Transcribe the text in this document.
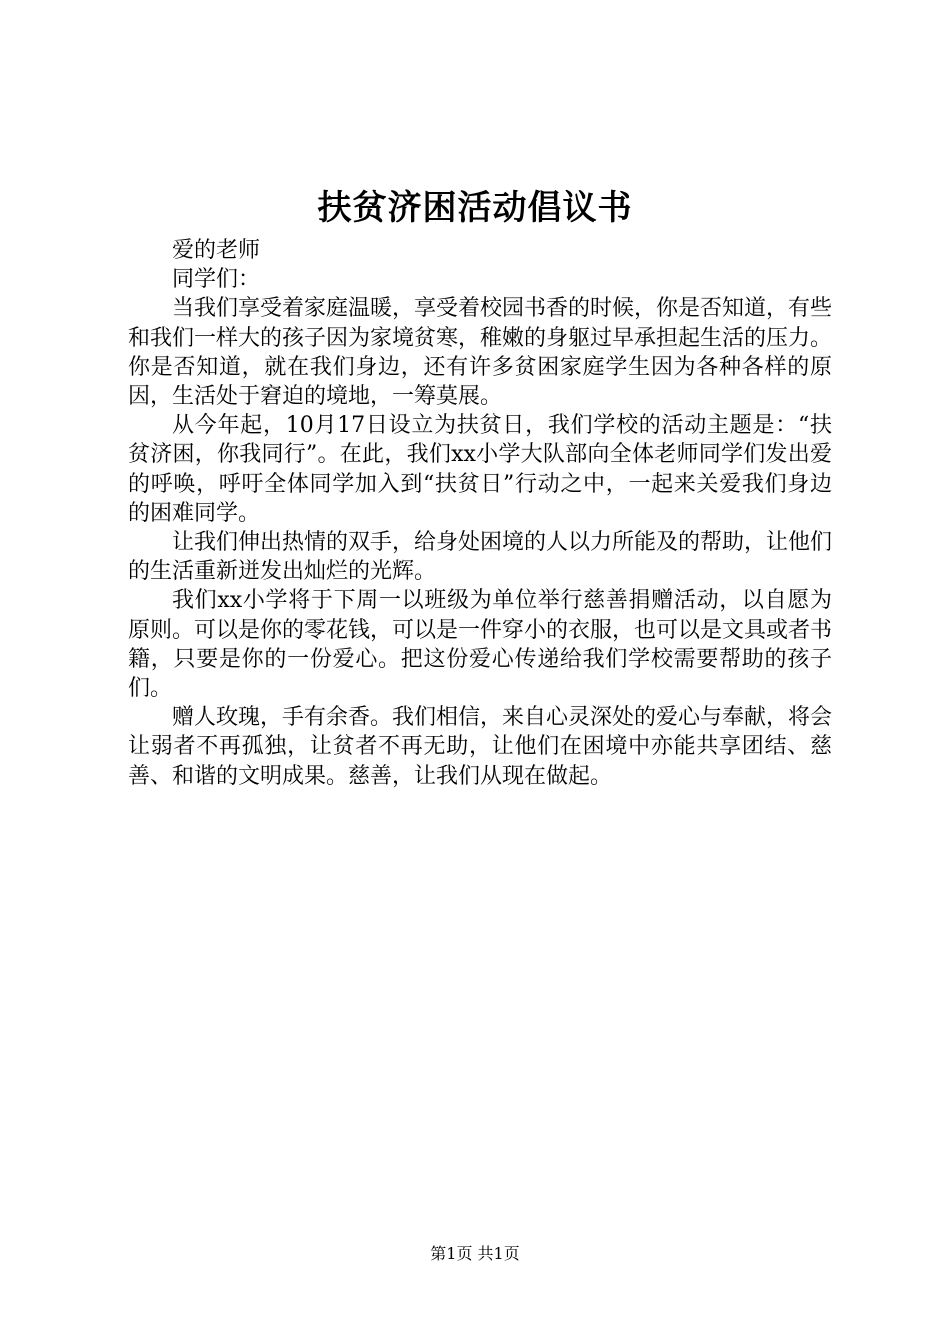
扶贫济困活动倡议书

爱的老师

同学们：

当我们享受着家庭温暖，享受着校园书香的时候，你是否知道，有些和我们一样大的孩子因为家境贫寒，稚嫩的身躯过早承担起生活的压力。你是否知道，就在我们身边，还有许多贫困家庭学生因为各种各样的原因，生活处于窘迫的境地，一筹莫展。

从今年起，10月17日设立为扶贫日，我们学校的活动主题是：“扶贫济困，你我同行”。在此，我们xx小学大队部向全体老师同学们发出爱的呼唤，呼吁全体同学加入到“扶贫日”行动之中，一起来关爱我们身边的困难同学。

让我们伸出热情的双手，给身处困境的人以力所能及的帮助，让他们的生活重新迸发出灿烂的光辉。

我们xx小学将于下周一以班级为单位举行慈善捐赠活动，以自愿为原则。可以是你的零花钱，可以是一件穿小的衣服，也可以是文具或者书籍，只要是你的一份爱心。把这份爱心传递给我们学校需要帮助的孩子们。

赠人玫瑰，手有余香。我们相信，来自心灵深处的爱心与奉献，将会让弱者不再孤独，让贫者不再无助，让他们在困境中亦能共享团结、慈善、和谐的文明成果。慈善，让我们从现在做起。

第1页 共1页
